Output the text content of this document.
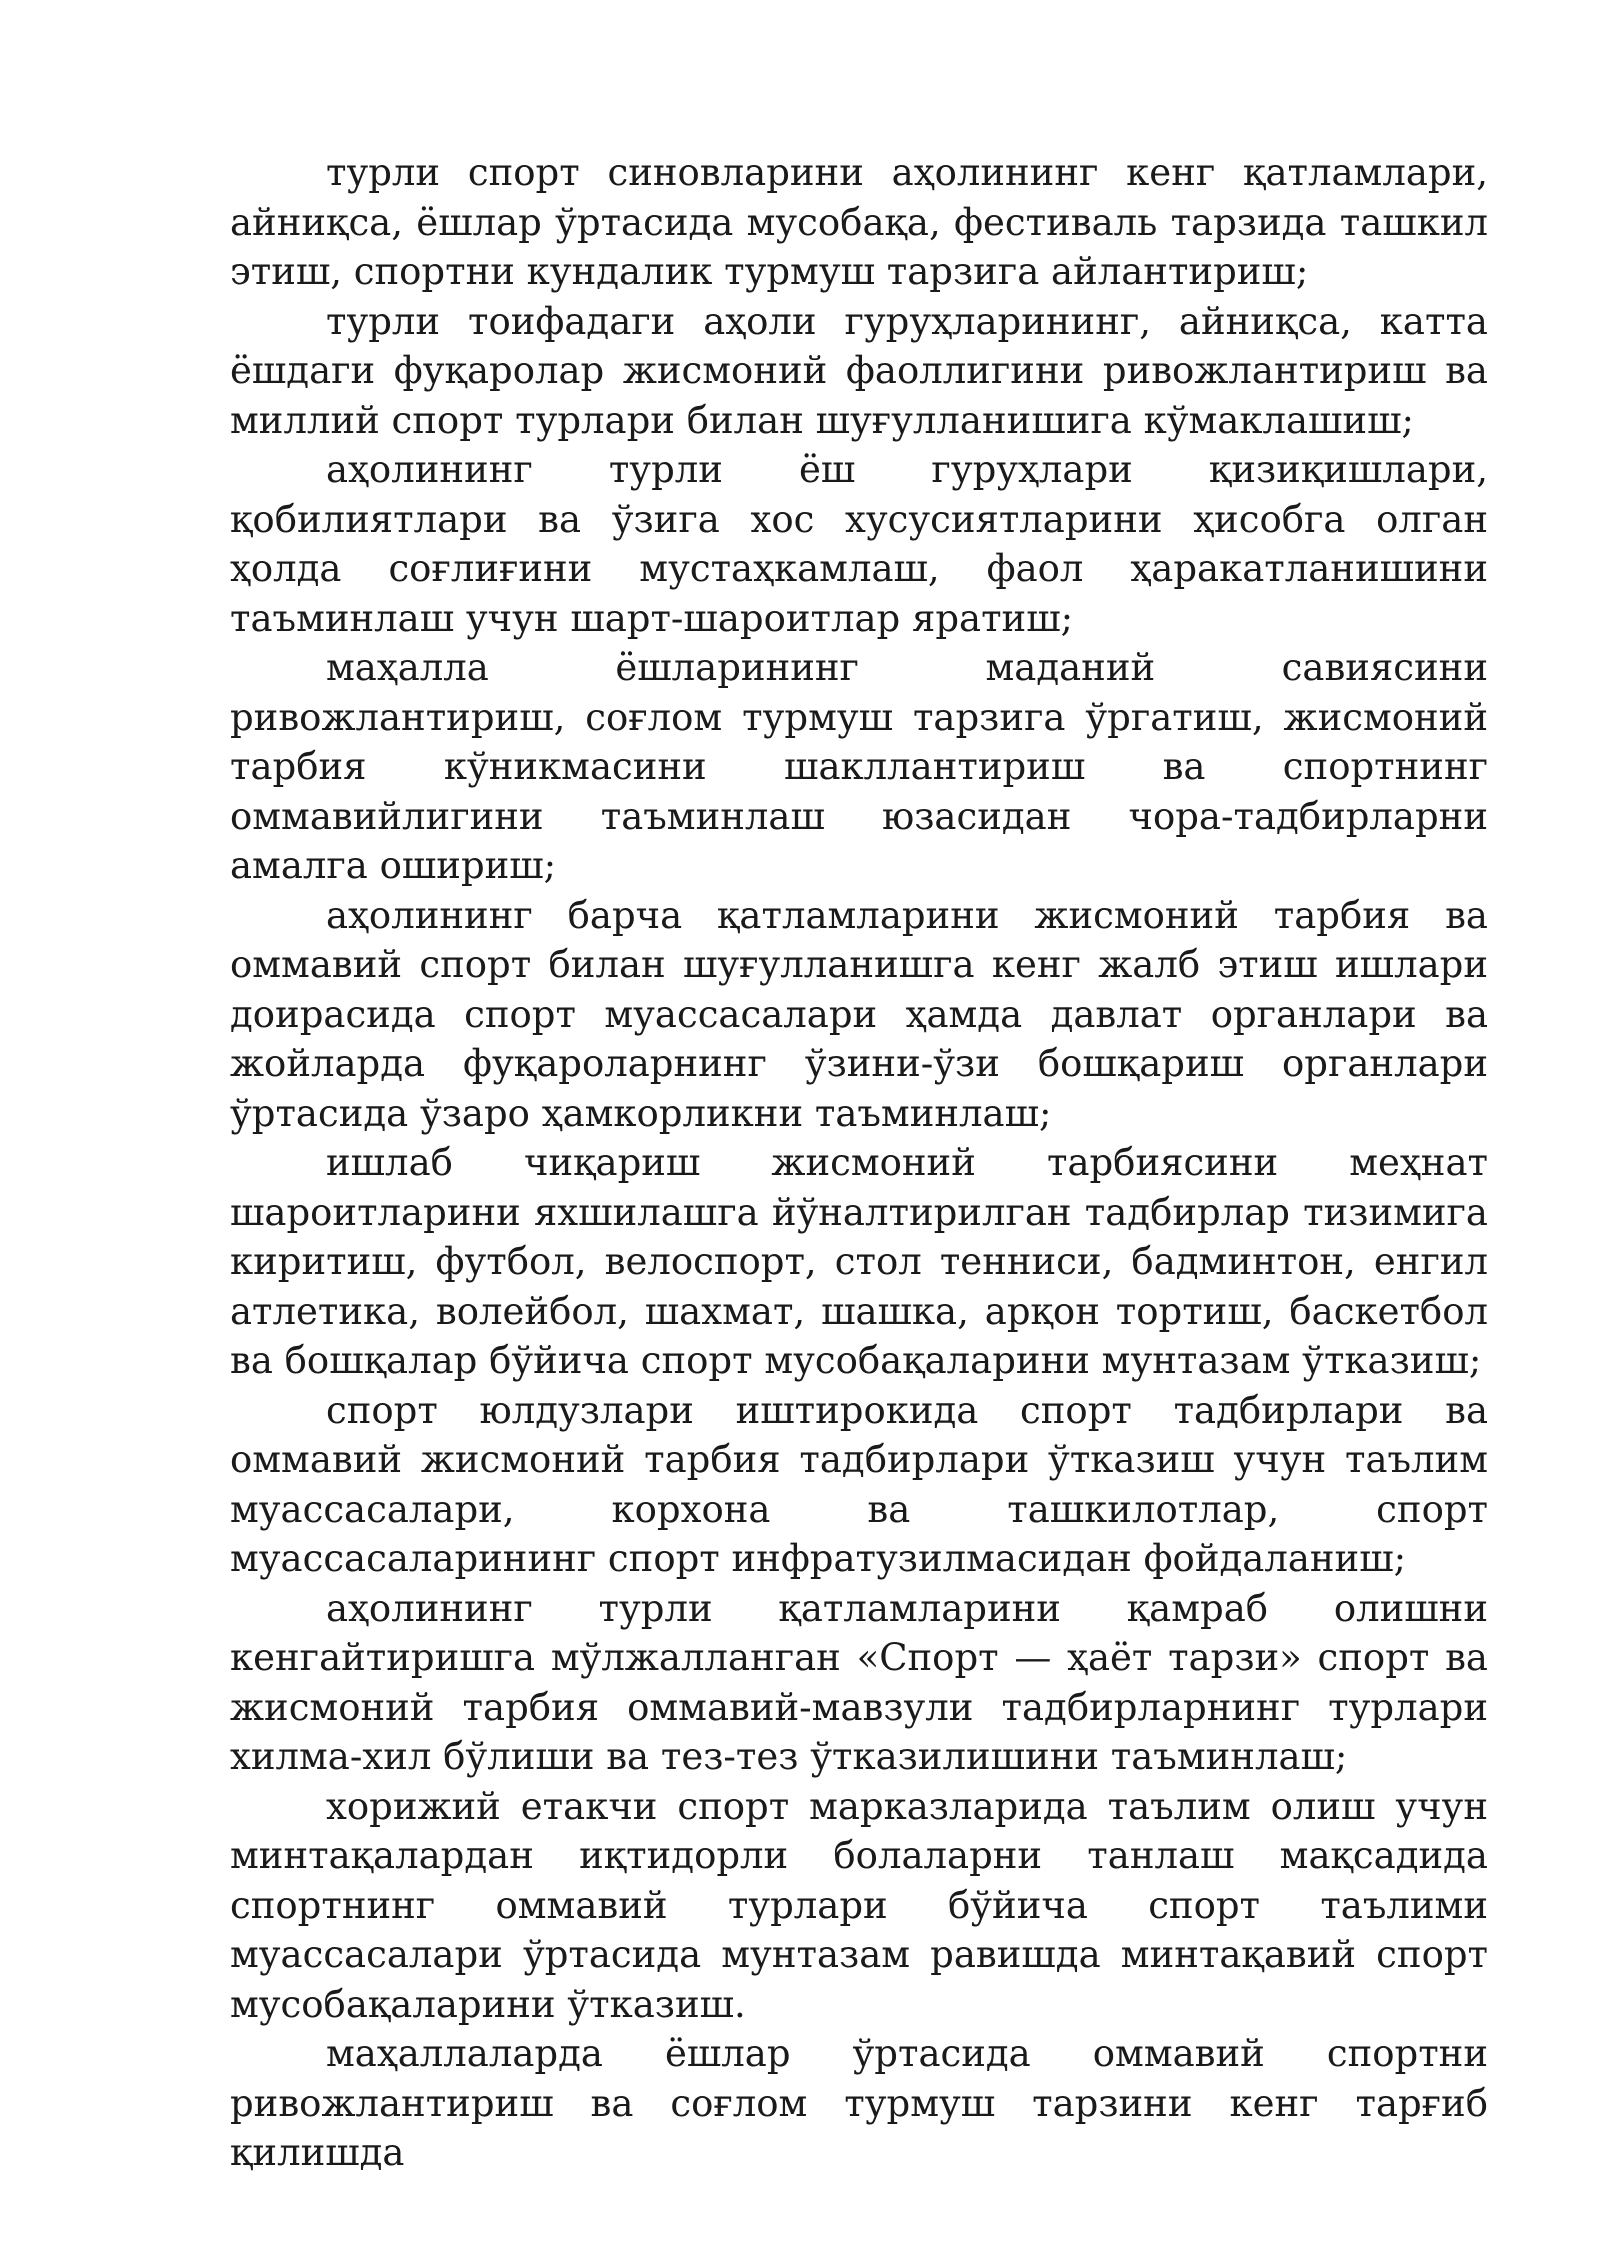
турли спорт синовларини аҳолининг кенг қатламлари, айниқса, ёшлар ўртасида мусобақа, фестиваль тарзида ташкил этиш, спортни кундалик турмуш тарзига айлантириш;

турли тоифадаги аҳоли гуруҳларининг, айниқса, катта ёшдаги фуқаролар жисмоний фаоллигини ривожлантириш ва миллий спорт турлари билан шуғулланишига кўмаклашиш;

аҳолининг турли ёш гуруҳлари қизиқишлари, қобилиятлари ва ўзига хос хусусиятларини ҳисобга олган ҳолда соғлиғини мустаҳкамлаш, фаол ҳаракатланишини таъминлаш учун шарт-шароитлар яратиш;

маҳалла ёшларининг маданий савиясини ривожлантириш, соғлом турмуш тарзига ўргатиш, жисмоний тарбия кўникмасини шакллантириш ва спортнинг оммавийлигини таъминлаш юзасидан чора-тадбирларни амалга ошириш;

аҳолининг барча қатламларини жисмоний тарбия ва оммавий спорт билан шуғулланишга кенг жалб этиш ишлари доирасида спорт муассасалари ҳамда давлат органлари ва жойларда фуқароларнинг ўзини-ўзи бошқариш органлари ўртасида ўзаро ҳамкорликни таъминлаш;

ишлаб чиқариш жисмоний тарбиясини меҳнат шароитларини яхшилашга йўналтирилган тадбирлар тизимига киритиш, футбол, велоспорт, стол тенниси, бадминтон, енгил атлетика, волейбол, шахмат, шашка, арқон тортиш, баскетбол ва бошқалар бўйича спорт мусобақаларини мунтазам ўтказиш;

спорт юлдузлари иштирокида спорт тадбирлари ва оммавий жисмоний тарбия тадбирлари ўтказиш учун таълим муассасалари, корхона ва ташкилотлар, спорт муассасаларининг спорт инфратузилмасидан фойдаланиш;

аҳолининг турли қатламларини қамраб олишни кенгайтиришга мўлжалланган «Спорт — ҳаёт тарзи» спорт ва жисмоний тарбия оммавий-мавзули тадбирларнинг турлари хилма-хил бўлиши ва тез-тез ўтказилишини таъминлаш;

хорижий етакчи спорт марказларида таълим олиш учун минтақалардан иқтидорли болаларни танлаш мақсадида спортнинг оммавий турлари бўйича спорт таълими муассасалари ўртасида мунтазам равишда минтақавий спорт мусобақаларини ўтказиш.

маҳаллаларда ёшлар ўртасида оммавий спортни ривожлантириш ва соғлом турмуш тарзини кенг тарғиб қилишда
